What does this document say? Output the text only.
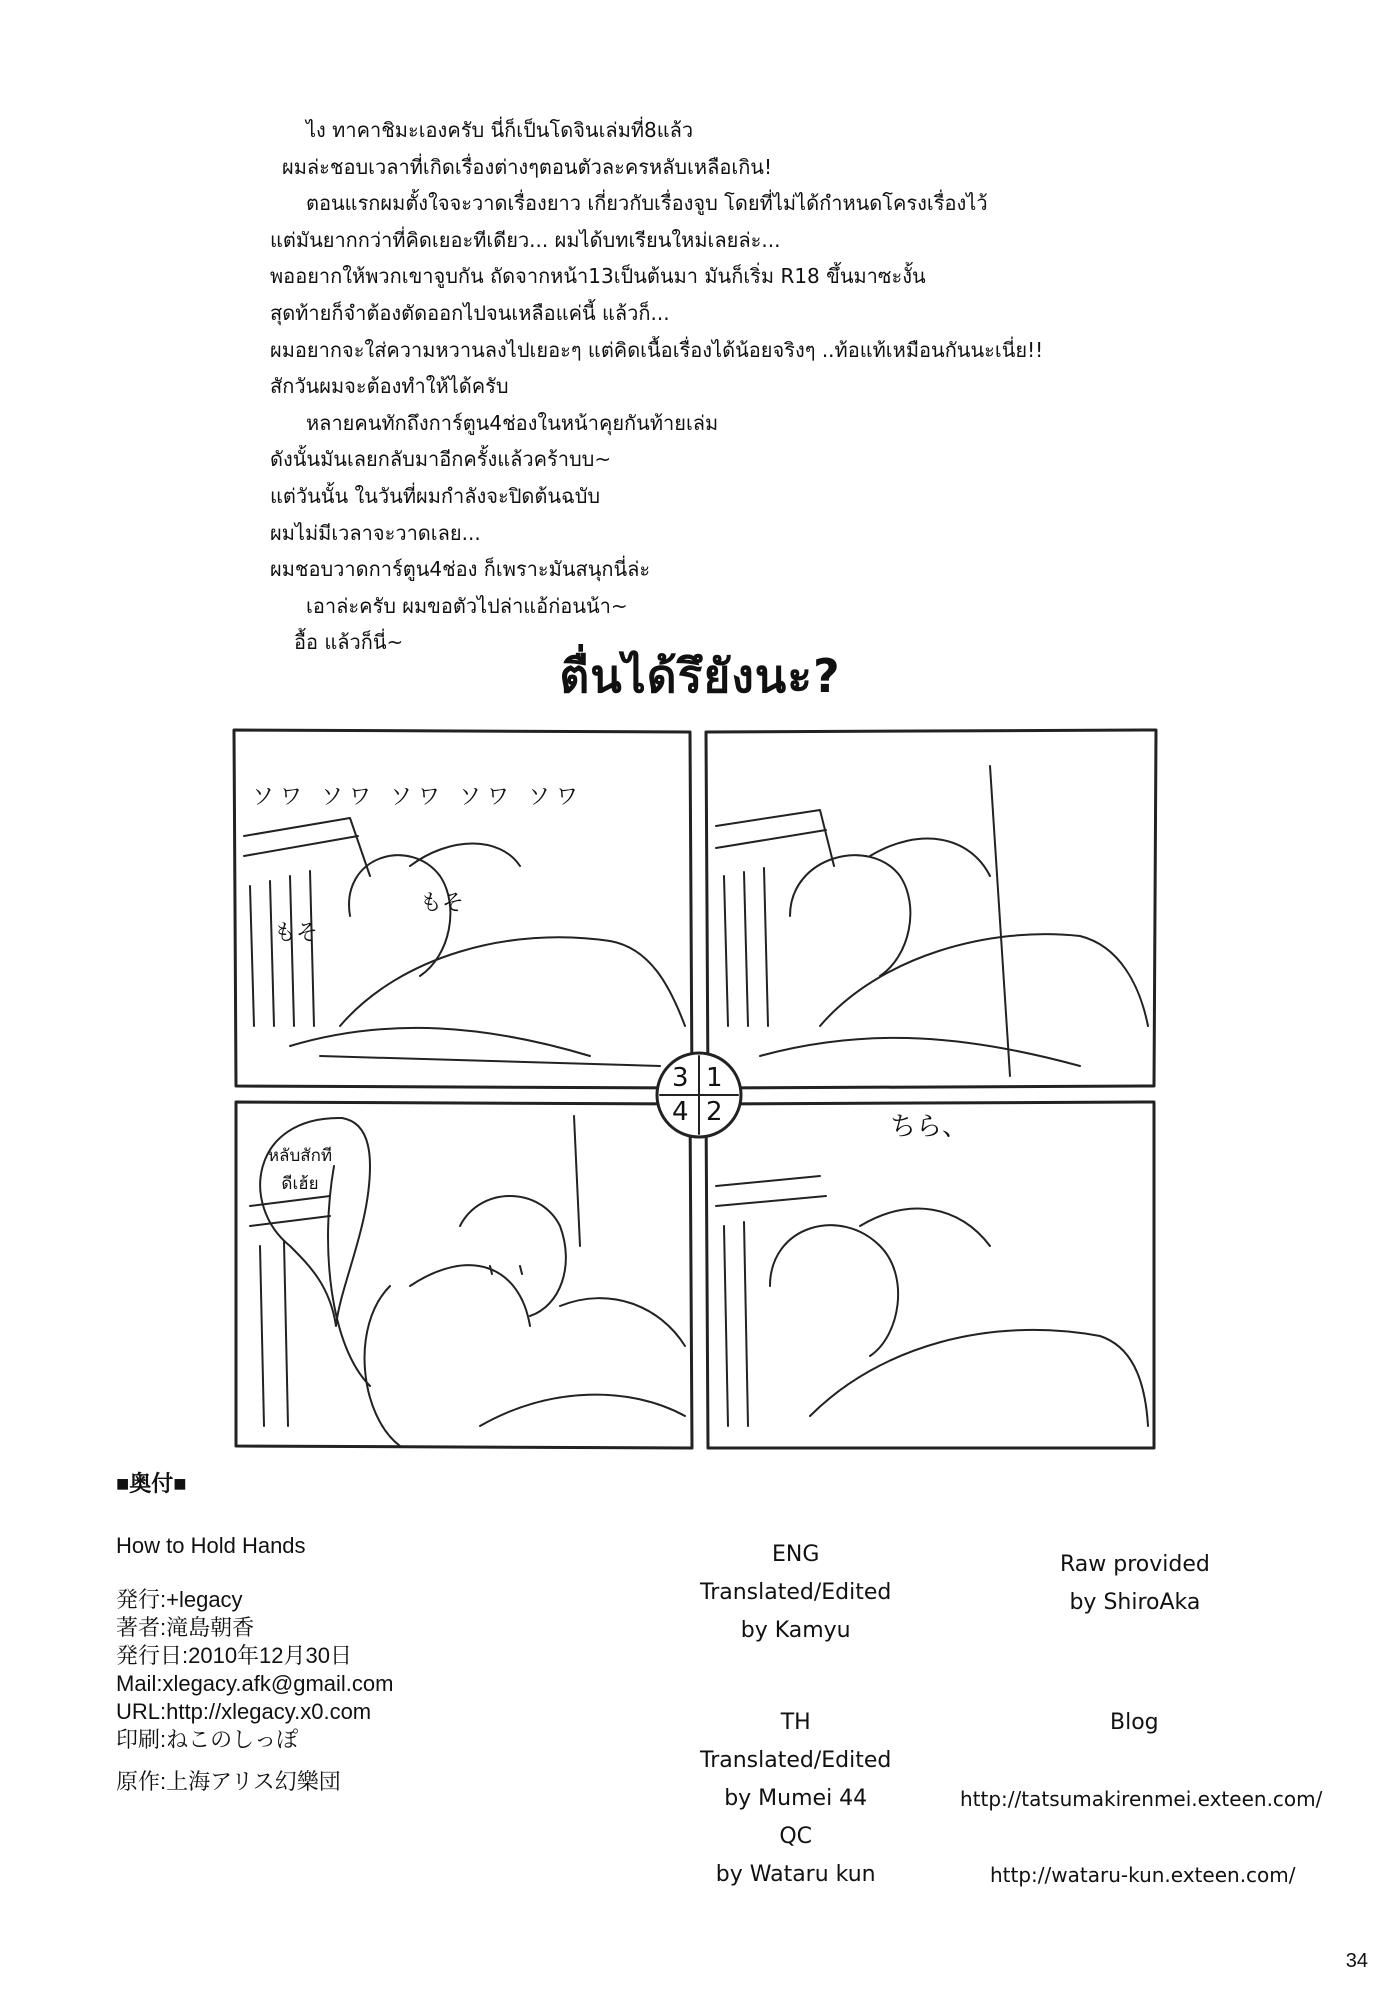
ไง ทาคาชิมะเองครับ นี่ก็เป็นโดจินเล่มที่8แล้ว
ผมล่ะชอบเวลาที่เกิดเรื่องต่างๆตอนตัวละครหลับเหลือเกิน!
ตอนแรกผมตั้งใจจะวาดเรื่องยาว เกี่ยวกับเรื่องจูบ โดยที่ไม่ได้กำหนดโครงเรื่องไว้
แต่มันยากกว่าที่คิดเยอะทีเดียว... ผมได้บทเรียนใหม่เลยล่ะ...
พออยากให้พวกเขาจูบกัน ถัดจากหน้า13เป็นต้นมา มันก็เริ่ม R18 ขึ้นมาซะงั้น
สุดท้ายก็จำต้องตัดออกไปจนเหลือแค่นี้ แล้วก็...
ผมอยากจะใส่ความหวานลงไปเยอะๆ แต่คิดเนื้อเรื่องได้น้อยจริงๆ ..ท้อแท้เหมือนกันนะเนี่ย!!
สักวันผมจะต้องทำให้ได้ครับ
หลายคนทักถึงการ์ตูน4ช่องในหน้าคุยกันท้ายเล่ม
ดังนั้นมันเลยกลับมาอีกครั้งแล้วคร้าบบ~
แต่วันนั้น ในวันที่ผมกำลังจะปิดต้นฉบับ
ผมไม่มีเวลาจะวาดเลย...
ผมชอบวาดการ์ตูน4ช่อง ก็เพราะมันสนุกนี่ล่ะ
เอาล่ะครับ ผมขอตัวไปล่าแอ้ก่อนน้า~
อื้อ แล้วก็นี่~
ตื่นได้รึยังนะ?
ソワ ソワ ソワ ソワ ソワ
もそ
もそ
ちら、
หลับสักที
ดีเฮ้ย
3 1
4 2
■奥付■
How to Hold Hands
発行:+legacy
著者:滝島朝香
発行日:2010年12月30日
Mail:xlegacy.afk@gmail.com
URL:http://xlegacy.x0.com
印刷:ねこのしっぽ
原作:上海アリス幻樂団
ENG
Translated/Edited
by Kamyu
Raw provided
by ShiroAka
TH
Translated/Edited
by Mumei 44
QC
by Wataru kun
Blog
http://tatsumakirenmei.exteen.com/
http://wataru-kun.exteen.com/
34
